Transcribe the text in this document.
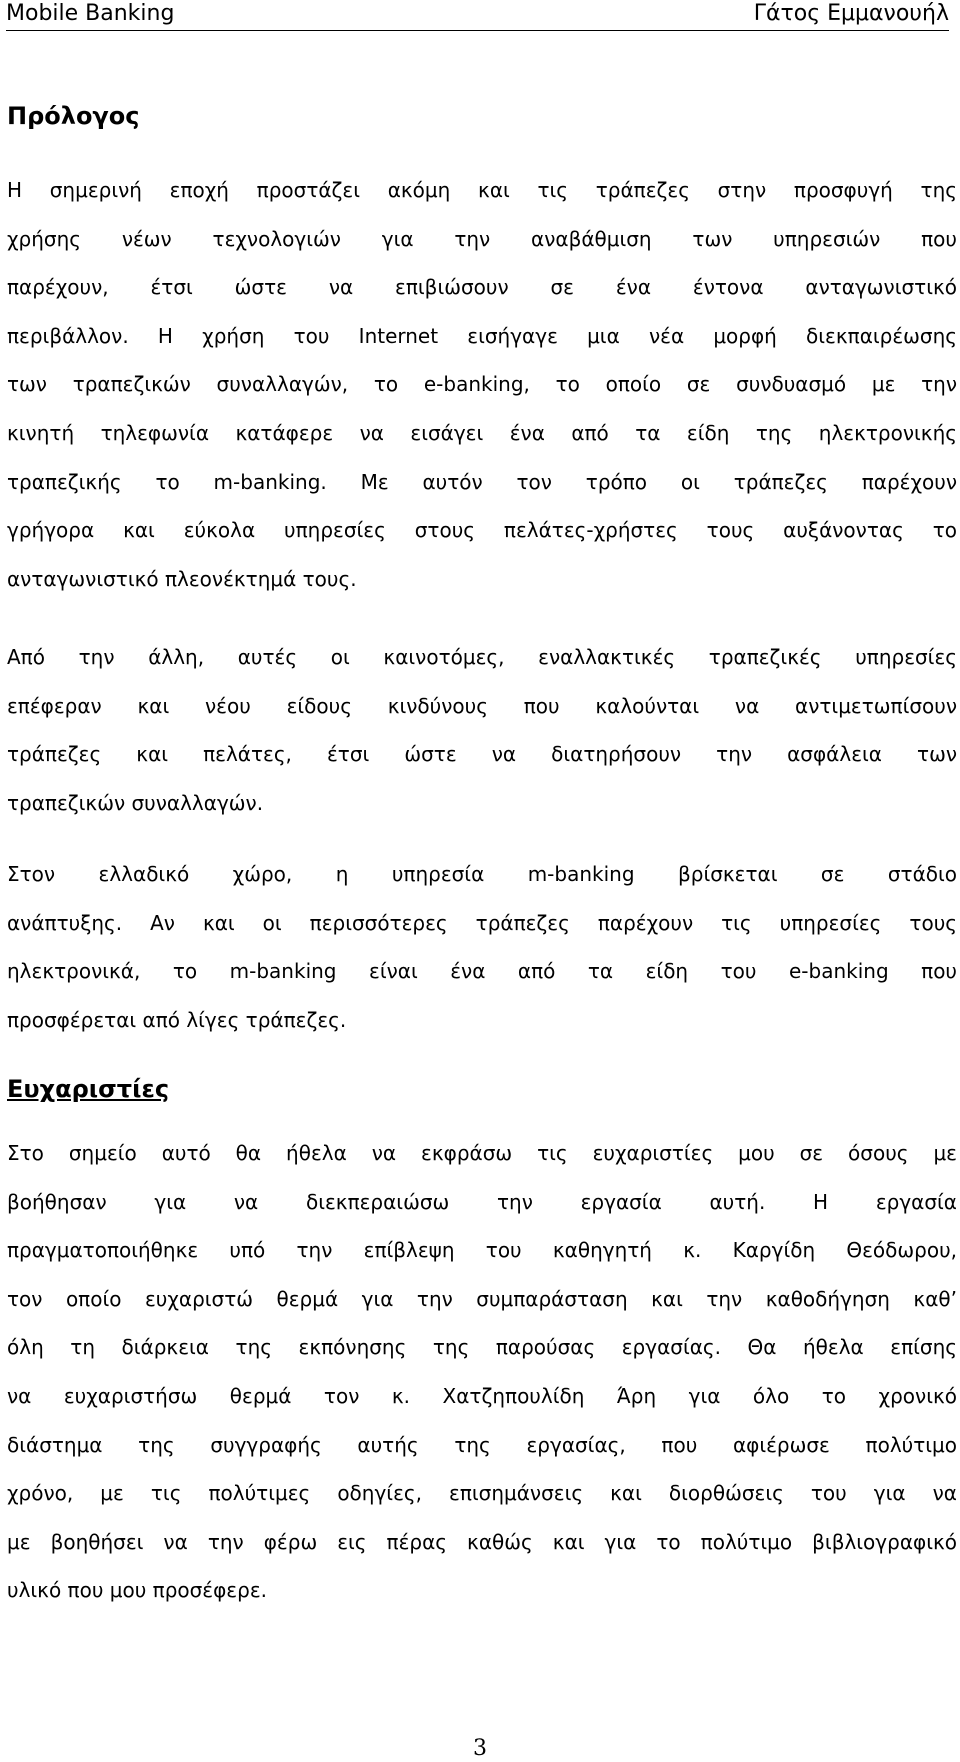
Mobile Banking	Γάτος Εμμανουήλ
Πρόλογος
Η σημερινή εποχή προστάζει ακόμη και τις τράπεζες στην προσφυγή της
χρήσης νέων τεχνολογιών για την αναβάθμιση των υπηρεσιών που
παρέχουν, έτσι ώστε να επιβιώσουν σε ένα έντονα ανταγωνιστικό
περιβάλλον. Η χρήση του Internet εισήγαγε μια νέα μορφή διεκπαιρέωσης
των τραπεζικών συναλλαγών, το e-banking, το οποίο σε συνδυασμό με την
κινητή τηλεφωνία κατάφερε να εισάγει ένα από τα είδη της ηλεκτρονικής
τραπεζικής το m-banking. Με αυτόν τον τρόπο οι τράπεζες παρέχουν
γρήγορα και εύκολα υπηρεσίες στους πελάτες-χρήστες τους αυξάνοντας το
ανταγωνιστικό πλεονέκτημά τους.
Από την άλλη, αυτές οι καινοτόμες, εναλλακτικές τραπεζικές υπηρεσίες
επέφεραν και νέου είδους κινδύνους που καλούνται να αντιμετωπίσουν
τράπεζες και πελάτες, έτσι ώστε να διατηρήσουν την ασφάλεια των
τραπεζικών συναλλαγών.
Στον ελλαδικό χώρο, η υπηρεσία m-banking βρίσκεται σε στάδιο
ανάπτυξης. Αν και οι περισσότερες τράπεζες παρέχουν τις υπηρεσίες τους
ηλεκτρονικά, το m-banking είναι ένα από τα είδη του e-banking που
προσφέρεται από λίγες τράπεζες.
Ευχαριστίες
Στο σημείο αυτό θα ήθελα να εκφράσω τις ευχαριστίες μου σε όσους με
βοήθησαν για να διεκπεραιώσω την εργασία αυτή. Η εργασία
πραγματοποιήθηκε υπό την επίβλεψη του καθηγητή κ. Καργίδη Θεόδωρου,
τον οποίο ευχαριστώ θερμά για την συμπαράσταση και την καθοδήγηση καθ’
όλη τη διάρκεια της εκπόνησης της παρούσας εργασίας. Θα ήθελα επίσης
να ευχαριστήσω θερμά τον κ. Χατζηπουλίδη Άρη για όλο το χρονικό
διάστημα της συγγραφής αυτής της εργασίας, που αφιέρωσε πολύτιμο
χρόνο, με τις πολύτιμες οδηγίες, επισημάνσεις και διορθώσεις του για να
με βοηθήσει να την φέρω εις πέρας καθώς και για το πολύτιμο βιβλιογραφικό
υλικό που μου προσέφερε.
3
